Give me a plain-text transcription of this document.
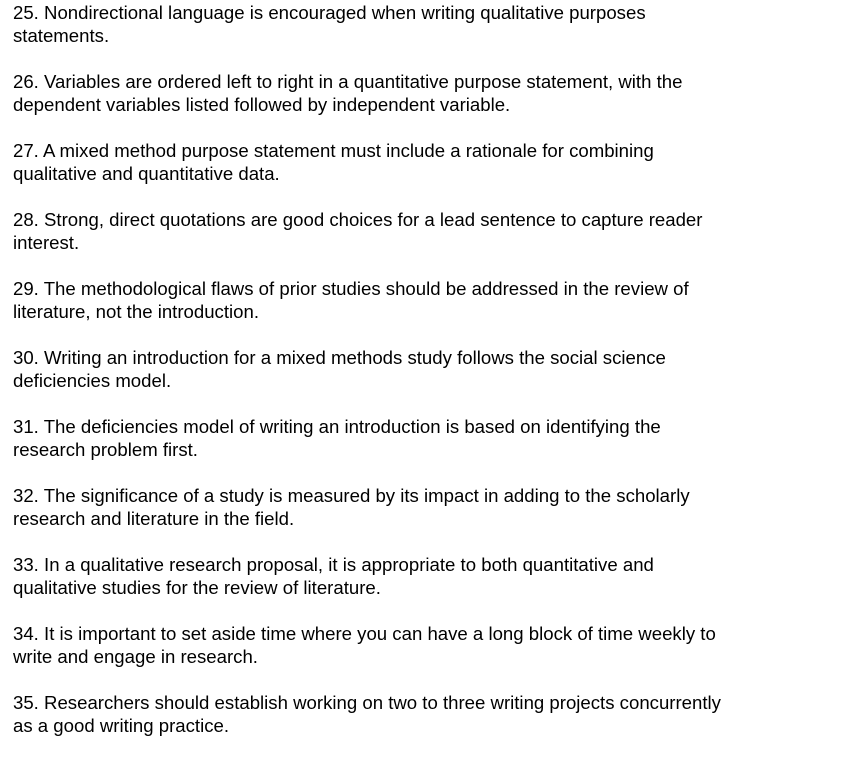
25. Nondirectional language is encouraged when writing qualitative purposes
statements.
26. Variables are ordered left to right in a quantitative purpose statement, with the
dependent variables listed followed by independent variable.
27. A mixed method purpose statement must include a rationale for combining
qualitative and quantitative data.
28. Strong, direct quotations are good choices for a lead sentence to capture reader
interest.
29. The methodological flaws of prior studies should be addressed in the review of
literature, not the introduction.
30. Writing an introduction for a mixed methods study follows the social science
deficiencies model.
31. The deficiencies model of writing an introduction is based on identifying the
research problem first.
32. The significance of a study is measured by its impact in adding to the scholarly
research and literature in the field.
33. In a qualitative research proposal, it is appropriate to both quantitative and
qualitative studies for the review of literature.
34. It is important to set aside time where you can have a long block of time weekly to
write and engage in research.
35. Researchers should establish working on two to three writing projects concurrently
as a good writing practice.
